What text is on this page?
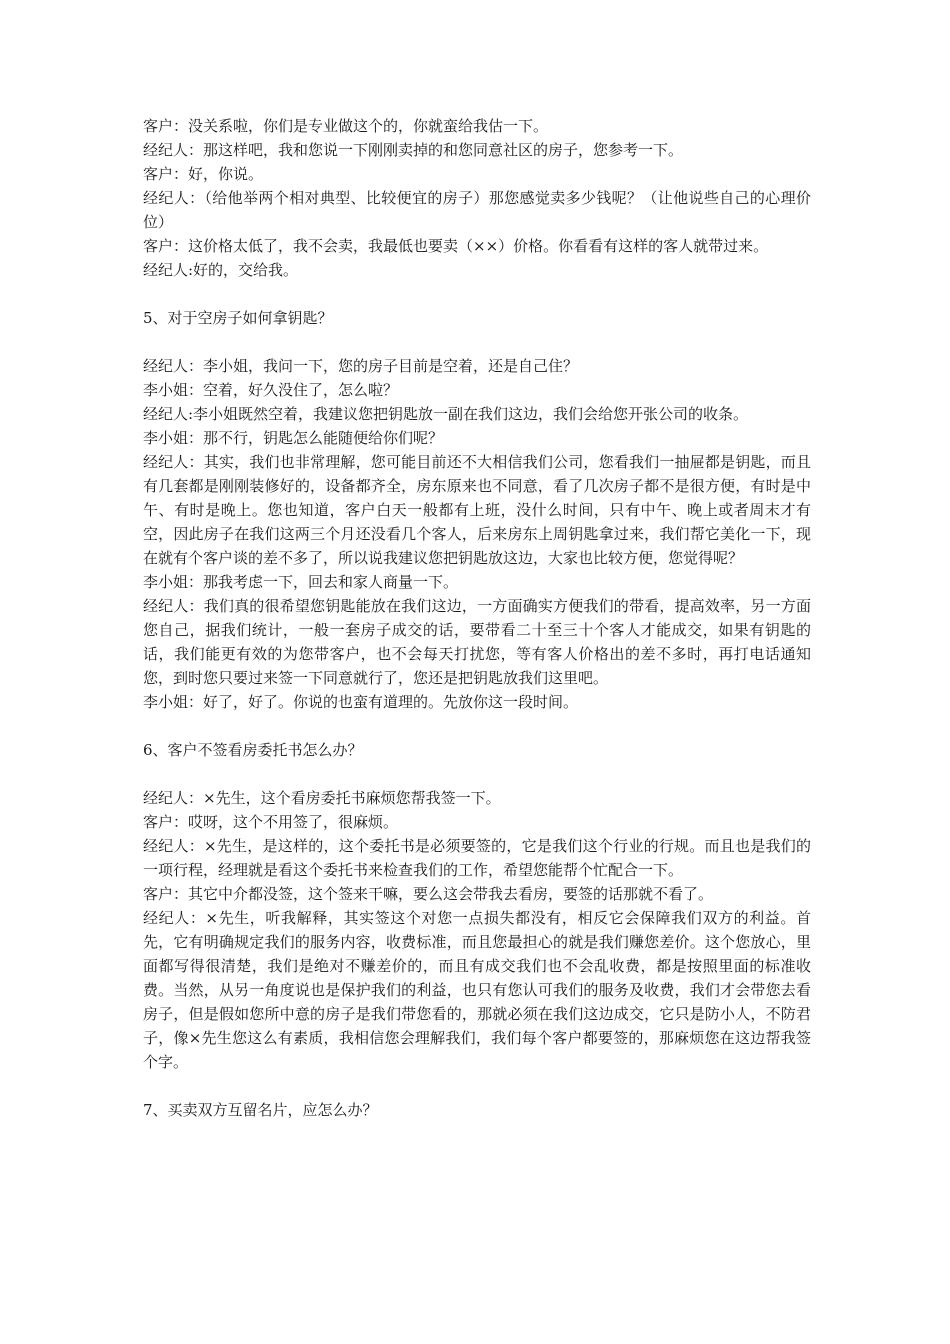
客户：没关系啦，你们是专业做这个的，你就蛮给我估一下。

经纪人：那这样吧，我和您说一下刚刚卖掉的和您同意社区的房子，您参考一下。

客户：好，你说。

经纪人：（给他举两个相对典型、比较便宜的房子）那您感觉卖多少钱呢？（让他说些自己的心理价位）

客户：这价格太低了，我不会卖，我最低也要卖（××）价格。你看看有这样的客人就带过来。

经纪人:好的，交给我。

5、对于空房子如何拿钥匙？

经纪人：李小姐，我问一下，您的房子目前是空着，还是自己住？

李小姐：空着，好久没住了，怎么啦？

经纪人:李小姐既然空着，我建议您把钥匙放一副在我们这边，我们会给您开张公司的收条。

李小姐：那不行，钥匙怎么能随便给你们呢？

经纪人：其实，我们也非常理解，您可能目前还不大相信我们公司，您看我们一抽屉都是钥匙，而且有几套都是刚刚装修好的，设备都齐全，房东原来也不同意，看了几次房子都不是很方便，有时是中午、有时是晚上。您也知道，客户白天一般都有上班，没什么时间，只有中午、晚上或者周末才有空，因此房子在我们这两三个月还没看几个客人，后来房东上周钥匙拿过来，我们帮它美化一下，现在就有个客户谈的差不多了，所以说我建议您把钥匙放这边，大家也比较方便，您觉得呢？

李小姐：那我考虑一下，回去和家人商量一下。

经纪人：我们真的很希望您钥匙能放在我们这边，一方面确实方便我们的带看，提高效率，另一方面您自己，据我们统计，一般一套房子成交的话，要带看二十至三十个客人才能成交，如果有钥匙的话，我们能更有效的为您带客户，也不会每天打扰您，等有客人价格出的差不多时，再打电话通知您，到时您只要过来签一下同意就行了，您还是把钥匙放我们这里吧。

李小姐：好了，好了。你说的也蛮有道理的。先放你这一段时间。

6、客户不签看房委托书怎么办？

经纪人：×先生，这个看房委托书麻烦您帮我签一下。

客户：哎呀，这个不用签了，很麻烦。

经纪人：×先生，是这样的，这个委托书是必须要签的，它是我们这个行业的行规。而且也是我们的一项行程，经理就是看这个委托书来检查我们的工作，希望您能帮个忙配合一下。

客户：其它中介都没签，这个签来干嘛，要么这会带我去看房，要签的话那就不看了。

经纪人：×先生，听我解释，其实签这个对您一点损失都没有，相反它会保障我们双方的利益。首先，它有明确规定我们的服务内容，收费标准，而且您最担心的就是我们赚您差价。这个您放心，里面都写得很清楚，我们是绝对不赚差价的，而且有成交我们也不会乱收费，都是按照里面的标准收费。当然，从另一角度说也是保护我们的利益，也只有您认可我们的服务及收费，我们才会带您去看房子，但是假如您所中意的房子是我们带您看的，那就必须在我们这边成交，它只是防小人，不防君子，像×先生您这么有素质，我相信您会理解我们，我们每个客户都要签的，那麻烦您在这边帮我签个字。

7、买卖双方互留名片，应怎么办？
